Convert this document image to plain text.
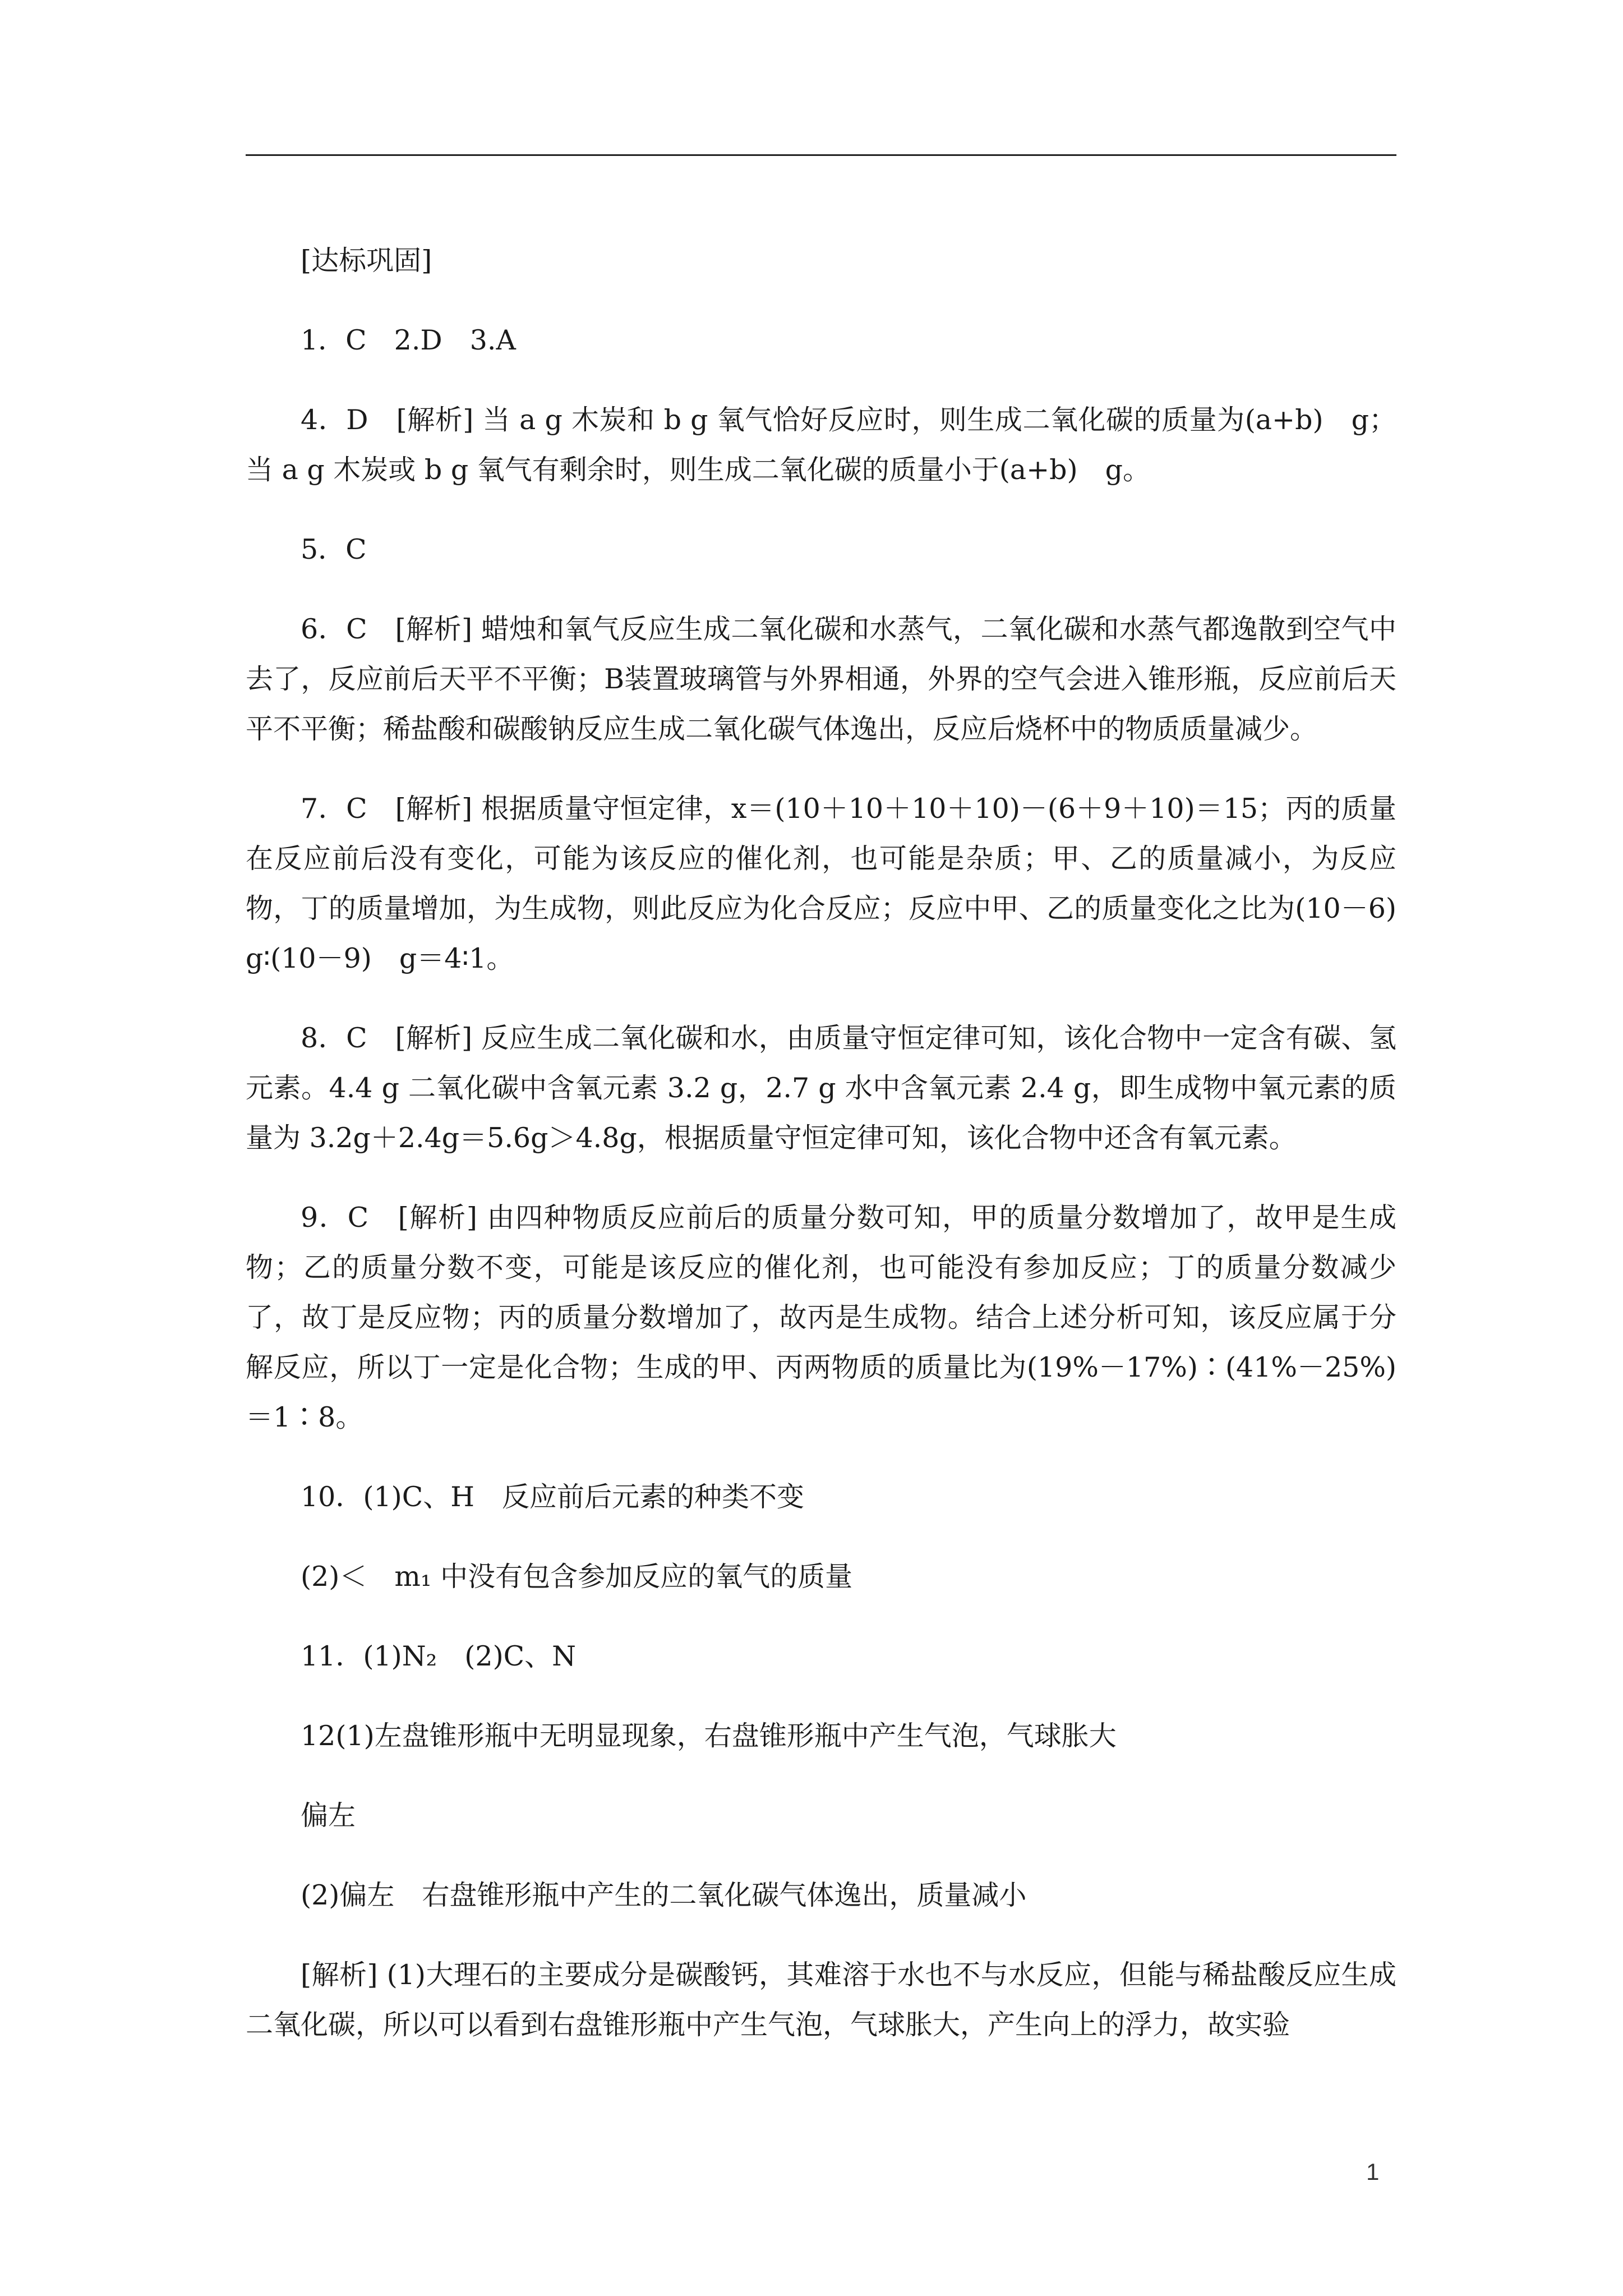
[达标巩固]

1．C　2.D　3.A

4．D　[解析] 当 a g 木炭和 b g 氧气恰好反应时，则生成二氧化碳的质量为(a+b)　g；当 a g 木炭或 b g 氧气有剩余时，则生成二氧化碳的质量小于(a+b)　g。

5．C

6．C　[解析] 蜡烛和氧气反应生成二氧化碳和水蒸气，二氧化碳和水蒸气都逸散到空气中去了，反应前后天平不平衡；B装置玻璃管与外界相通，外界的空气会进入锥形瓶，反应前后天平不平衡；稀盐酸和碳酸钠反应生成二氧化碳气体逸出，反应后烧杯中的物质质量减少。

7．C　[解析] 根据质量守恒定律，x＝(10＋10＋10＋10)－(6＋9＋10)＝15；丙的质量在反应前后没有变化，可能为该反应的催化剂，也可能是杂质；甲、乙的质量减小，为反应物，丁的质量增加，为生成物，则此反应为化合反应；反应中甲、乙的质量变化之比为(10－6)　g∶(10－9)　g＝4∶1。

8．C　[解析] 反应生成二氧化碳和水，由质量守恒定律可知，该化合物中一定含有碳、氢元素。4.4 g 二氧化碳中含氧元素 3.2 g，2.7 g 水中含氧元素 2.4 g，即生成物中氧元素的质量为 3.2g＋2.4g＝5.6g＞4.8g，根据质量守恒定律可知，该化合物中还含有氧元素。

9．C　[解析] 由四种物质反应前后的质量分数可知，甲的质量分数增加了，故甲是生成物；乙的质量分数不变，可能是该反应的催化剂，也可能没有参加反应；丁的质量分数减少了，故丁是反应物；丙的质量分数增加了，故丙是生成物。结合上述分析可知，该反应属于分解反应，所以丁一定是化合物；生成的甲、丙两物质的质量比为(19%－17%)∶(41%－25%)＝1∶8。

10．(1)C、H　反应前后元素的种类不变

(2)＜　m₁ 中没有包含参加反应的氧气的质量

11．(1)N₂　(2)C、N

12(1)左盘锥形瓶中无明显现象，右盘锥形瓶中产生气泡，气球胀大

偏左

(2)偏左　右盘锥形瓶中产生的二氧化碳气体逸出，质量减小

[解析] (1)大理石的主要成分是碳酸钙，其难溶于水也不与水反应，但能与稀盐酸反应生成二氧化碳，所以可以看到右盘锥形瓶中产生气泡，气球胀大，产生向上的浮力，故实验

1
